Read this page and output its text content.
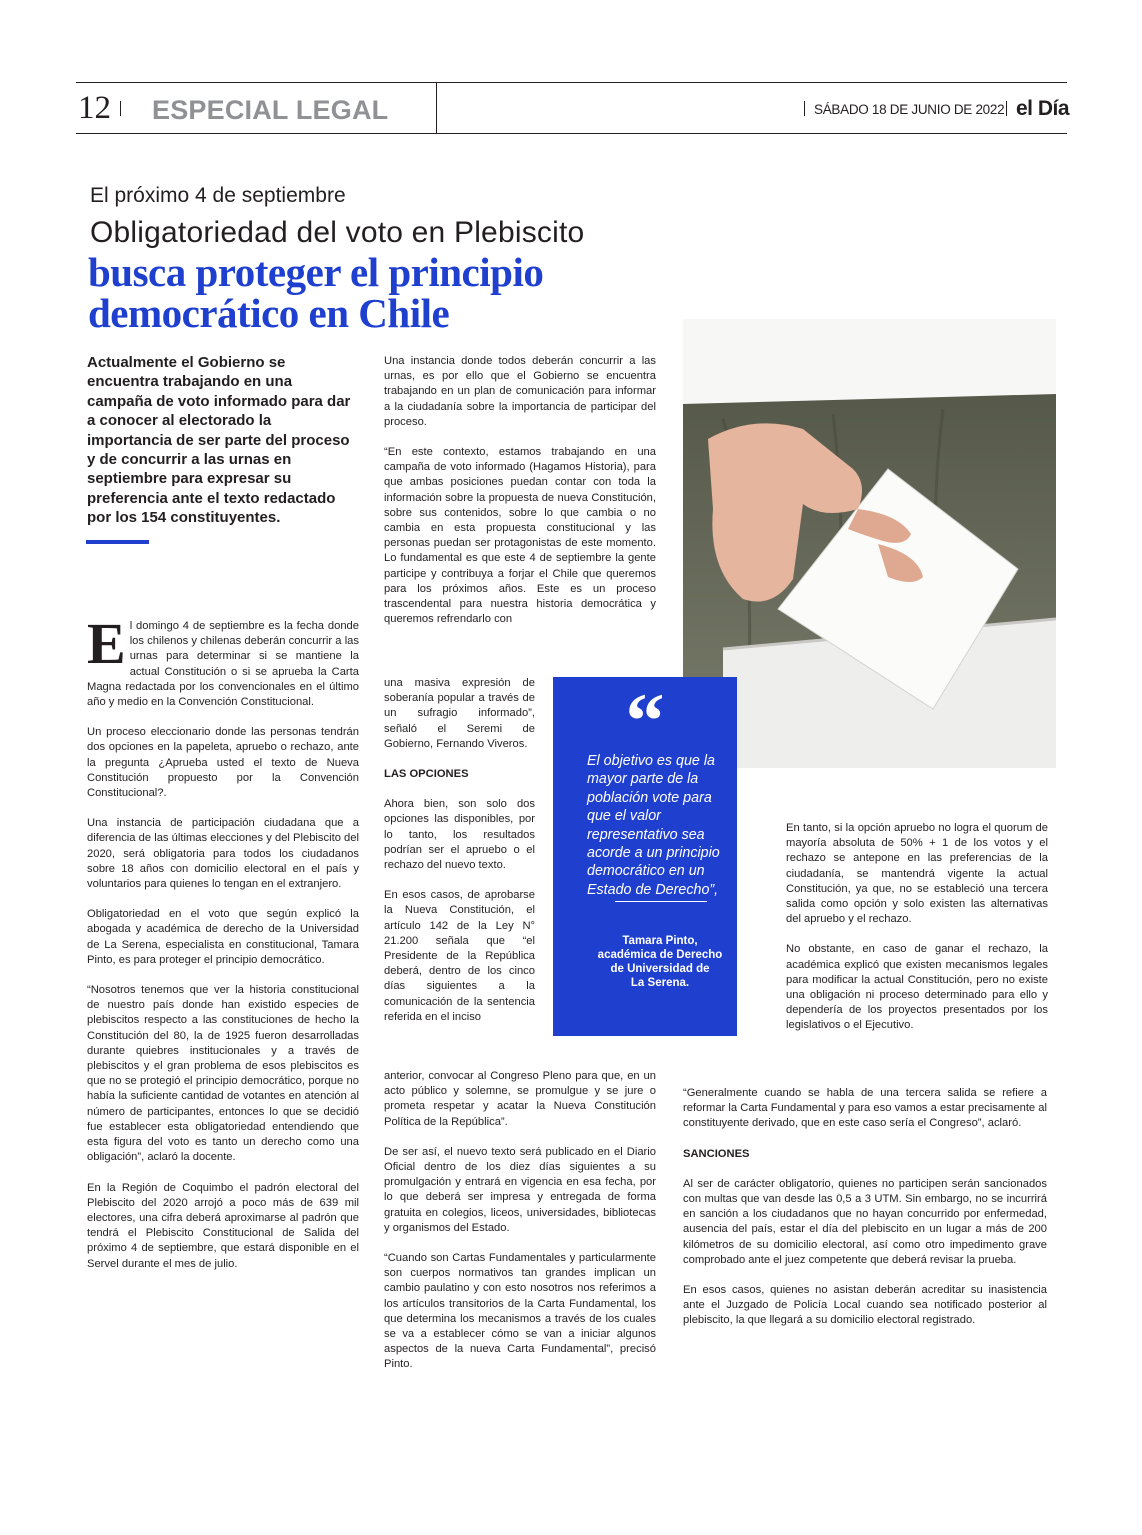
12 ESPECIAL LEGAL	SÁBADO 18 DE JUNIO DE 2022 el Día
El próximo 4 de septiembre
Obligatoriedad del voto en Plebiscito
busca proteger el principio democrático en Chile
Actualmente el Gobierno se encuentra trabajando en una campaña de voto informado para dar a conocer al electorado la importancia de ser parte del proceso y de concurrir a las urnas en septiembre para expresar su preferencia ante el texto redactado por los 154 constituyentes.

El domingo 4 de septiembre es la fecha donde los chilenos y chilenas deberán concurrir a las urnas para determinar si se mantiene la actual Constitución o si se aprueba la Carta Magna redactada por los convencionales en el último año y medio en la Convención Constitucional.

Un proceso eleccionario donde las personas tendrán dos opciones en la papeleta, apruebo o rechazo, ante la pregunta ¿Aprueba usted el texto de Nueva Constitución propuesto por la Convención Constitucional?.

Una instancia de participación ciudadana que a diferencia de las últimas elecciones y del Plebiscito del 2020, será obligatoria para todos los ciudadanos sobre 18 años con domicilio electoral en el país y voluntarios para quienes lo tengan en el extranjero.

Obligatoriedad en el voto que según explicó la abogada y académica de derecho de la Universidad de La Serena, especialista en constitucional, Tamara Pinto, es para proteger el principio democrático.

“Nosotros tenemos que ver la historia constitucional de nuestro país donde han existido especies de plebiscitos respecto a las constituciones de hecho la Constitución del 80, la de 1925 fueron desarrolladas durante quiebres institucionales y a través de plebiscitos y el gran problema de esos plebiscitos es que no se protegió el principio democrático, porque no había la suficiente cantidad de votantes en atención al número de participantes, entonces lo que se decidió fue establecer esta obligatoriedad entendiendo que esta figura del voto es tanto un derecho como una obligación”, aclaró la docente.

En la Región de Coquimbo el padrón electoral del Plebiscito del 2020 arrojó a poco más de 639 mil electores, una cifra deberá aproximarse al padrón que tendrá el Plebiscito Constitucional de Salida del próximo 4 de septiembre, que estará disponible en el Servel durante el mes de julio.

Una instancia donde todos deberán concurrir a las urnas, es por ello que el Gobierno se encuentra trabajando en un plan de comunicación para informar a la ciudadanía sobre la importancia de participar del proceso.

“En este contexto, estamos trabajando en una campaña de voto informado (Hagamos Historia), para que ambas posiciones puedan contar con toda la información sobre la propuesta de nueva Constitución, sobre sus contenidos, sobre lo que cambia o no cambia en esta propuesta constitucional y las personas puedan ser protagonistas de este momento. Lo fundamental es que este 4 de septiembre la gente participe y contribuya a forjar el Chile que queremos para los próximos años. Este es un proceso trascendental para nuestra historia democrática y queremos refrendarlo con

una masiva expresión de soberanía popular a través de un sufragio informado”, señaló el Seremi de Gobierno, Fernando Viveros.

LAS OPCIONES

Ahora bien, son solo dos opciones las disponibles, por lo tanto, los resultados podrían ser el apruebo o el rechazo del nuevo texto.

En esos casos, de aprobarse la Nueva Constitución, el artículo 142 de la Ley N° 21.200 señala que “el Presidente de la República deberá, dentro de los cinco días siguientes a la comunicación de la sentencia referida en el inciso

anterior, convocar al Congreso Pleno para que, en un acto público y solemne, se promulgue y se jure o prometa respetar y acatar la Nueva Constitución Política de la República”.

De ser así, el nuevo texto será publicado en el Diario Oficial dentro de los diez días siguientes a su promulgación y entrará en vigencia en esa fecha, por lo que deberá ser impresa y entregada de forma gratuita en colegios, liceos, universidades, bibliotecas y organismos del Estado.

“Cuando son Cartas Fundamentales y particularmente son cuerpos normativos tan grandes implican un cambio paulatino y con esto nosotros nos referimos a los artículos transitorios de la Carta Fundamental, los que determina los mecanismos a través de los cuales se va a establecer cómo se van a iniciar algunos aspectos de la nueva Carta Fundamental”, precisó Pinto.

“
El objetivo es que la mayor parte de la población vote para que el valor representativo sea acorde a un principio democrático en un Estado de Derecho”,
Tamara Pinto,
académica de Derecho
de Universidad de
La Serena.

En tanto, si la opción apruebo no logra el quorum de mayoría absoluta de 50% + 1 de los votos y el rechazo se antepone en las preferencias de la ciudadanía, se mantendrá vigente la actual Constitución, ya que, no se estableció una tercera salida como opción y solo existen las alternativas del apruebo y el rechazo.

No obstante, en caso de ganar el rechazo, la académica explicó que existen mecanismos legales para modificar la actual Constitución, pero no existe una obligación ni proceso determinado para ello y dependería de los proyectos presentados por los legislativos o el Ejecutivo.

“Generalmente cuando se habla de una tercera salida se refiere a reformar la Carta Fundamental y para eso vamos a estar precisamente al constituyente derivado, que en este caso sería el Congreso”, aclaró.

SANCIONES

Al ser de carácter obligatorio, quienes no participen serán sancionados con multas que van desde las 0,5 a 3 UTM. Sin embargo, no se incurrirá en sanción a los ciudadanos que no hayan concurrido por enfermedad, ausencia del país, estar el día del plebiscito en un lugar a más de 200 kilómetros de su domicilio electoral, así como otro impedimento grave comprobado ante el juez competente que deberá revisar la prueba.

En esos casos, quienes no asistan deberán acreditar su inasistencia ante el Juzgado de Policía Local cuando sea notificado posterior al plebiscito, la que llegará a su domicilio electoral registrado.
